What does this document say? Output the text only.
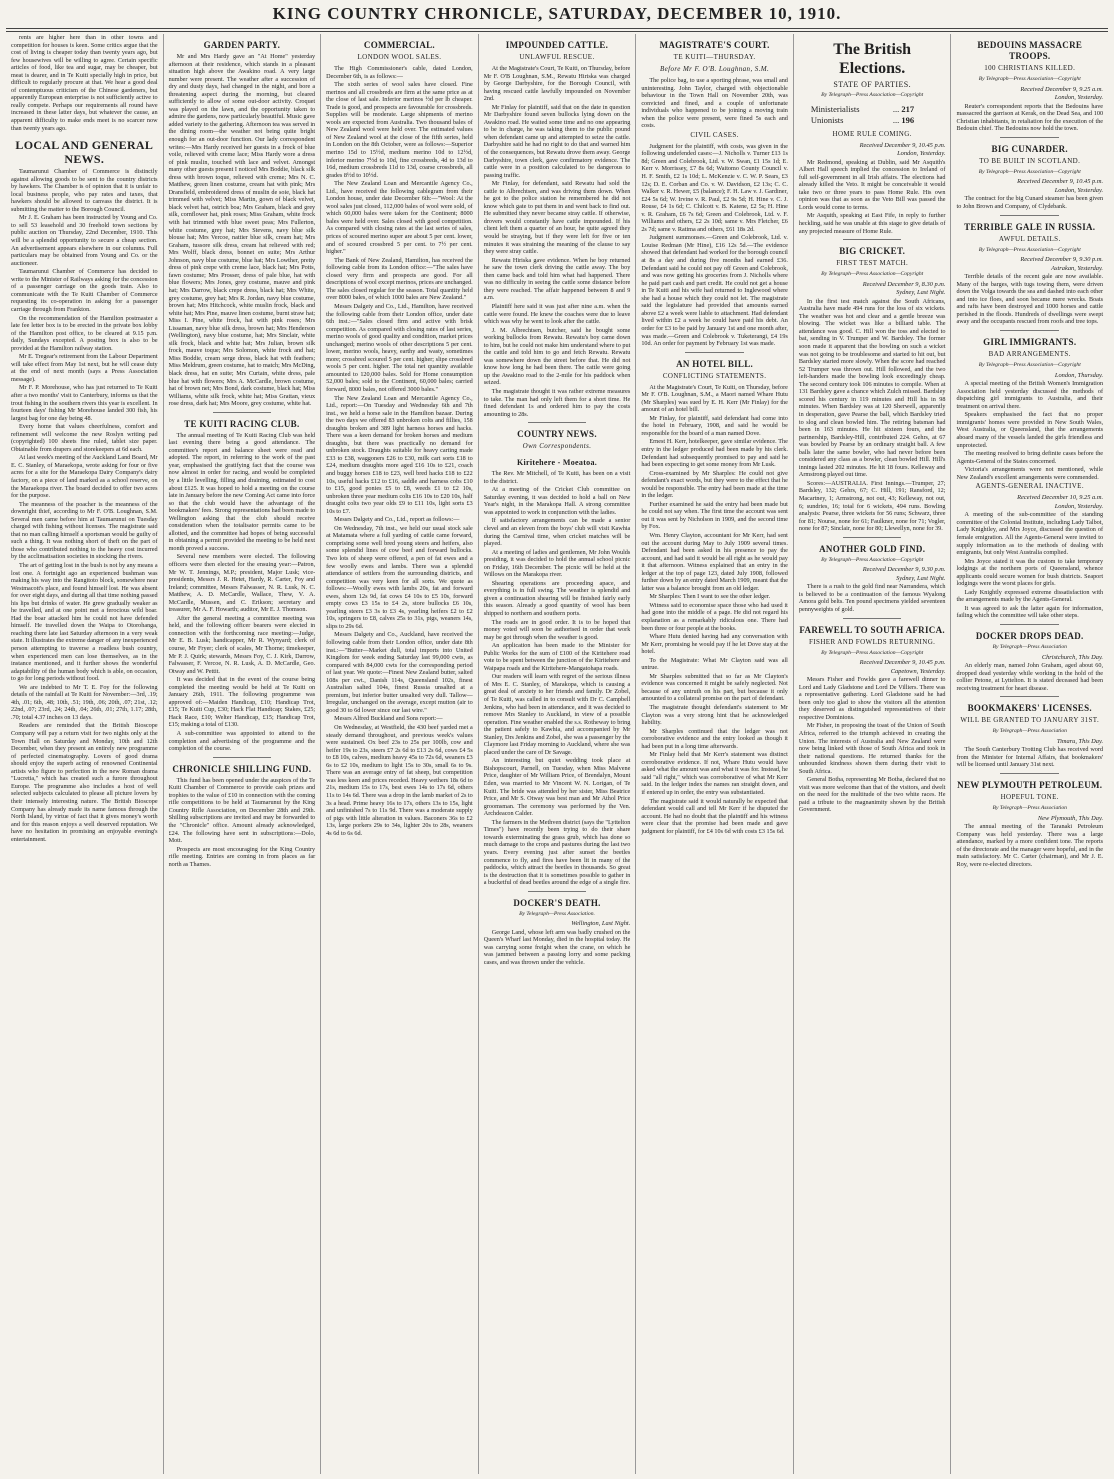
KING COUNTRY CHRONICLE, SATURDAY, DECEMBER 10, 1910.

rents are higher here than in other towns and competition for houses is keen. Some critics argue that the cost of living is cheaper today than twenty years ago, but few housewives will be willing to agree. Certain specific articles of food, like tea and sugar, may be cheaper, but meat is dearer, and in Te Kuiti specially high in price, but difficult to regularly procure at that. We hear a good deal of contemptuous criticism of the Chinese gardeners, but apparently European enterprise is not sufficiently active to really compete. Perhaps our requirements all round have increased in these latter days, but whatever the cause, an apparent difficulty to make ends meet is no scarcer now than twenty years ago.

LOCAL AND GENERAL NEWS.

Taumarunui Chamber of Commerce is distinctly against allowing goods to be sent to the country districts by hawkers. The Chamber is of opinion that it is unfair to local business people, who pay rates and taxes, that hawkers should be allowed to canvass the district. It is submitting the matter to the Borough Council.

Mr J. E. Graham has been instructed by Young and Co. to sell 53 leasehold and 30 freehold town sections by public auction on Thursday, 22nd December, 1910. This will be a splendid opportunity to secure a cheap section. An advertisement appears elsewhere in our columns. Full particulars may be obtained from Young and Co. or the auctioneer.

Taumarunui Chamber of Commerce has decided to write to the Minister of Railways asking for the concession of a passenger carriage on the goods train. Also to communicate with the Te Kuiti Chamber of Commerce requesting its co-operation in asking for a passenger carriage through from Frankton.

On the recommendation of the Hamilton postmaster a late fee letter box is to be erected in the private box lobby of the Hamilton post office, to be cleared at 9.15 p.m. daily, Sundays excepted. A posting box is also to be provided at the Hamilton railway station.

Mr E. Tregear's retirement from the Labour Department will take effect from May 1st next, but he will cease duty at the end of next month (says a Press Association message).

Mr F. P. Morehouse, who has just returned to Te Kuiti after a two months' visit to Canterbury, informs us that the trout fishing in the southern rivers this year is excellent. In fourteen days' fishing Mr Morehouse landed 300 fish, his largest bag for one day being 48.

Every home that values cheerfulness, comfort and refinement will welcome the new Roslyn writing pad (copyrighted) 100 sheets fine ruled, tablet size paper. Obtainable from drapers and storekeepers at 6d each.

At last week's meeting of the Auckland Land Board, Mr E. C. Stanley, of Maraekopa, wrote asking for four or five acres for a site for the Maraekopa Dairy Company's dairy factory, on a piece of land marked as a school reserve, on the Maraekopa river. The board decided to offer two acres for the purpose.

The meanness of the poacher is the meanness of the downright thief, according to Mr F. O'B. Loughnan, S.M. Several men came before him at Taumarunui on Tuesday charged with fishing without licenses. The magistrate said that no man calling himself a sportsman would be guilty of such a thing. It was nothing short of theft on the part of those who contributed nothing to the heavy cost incurred by the acclimatisation societies in stocking the rivers.

The art of getting lost in the bush is not by any means a lost one. A fortnight ago an experienced bushman was making his way into the Rangitoto block, somewhere near Westmacott's place, and found himself lost. He was absent for over eight days, and during all that time nothing passed his lips but drinks of water. He grew gradually weaker as he travelled, and at one point met a ferocious wild boar. Had the boar attacked him he could not have defended himself. He travelled down the Waipa to Otorohanga, reaching there late last Saturday afternoon in a very weak state. It illustrates the extreme danger of any inexperienced person attempting to traverse a roadless bush country, when experienced men can lose themselves, as in the instance mentioned, and it further shows the wonderful adaptability of the human body which is able, on occasion, to go for long periods without food.

We are indebted to Mr T. E. Foy for the following details of the rainfall at Te Kuiti for November:—3rd, .19; 4th, .01; 6th, .48; 10th, .51; 19th, .06; 20th, .07; 21st, .12; 22nd, .07; 23rd, .24; 24th, .04; 26th, .01; 27th, 1.17; 28th, .70; total 4.37 inches on 13 days.

Readers are reminded that the British Bioscope Company will pay a return visit for two nights only at the Town Hall on Saturday and Monday, 10th and 12th December, when they present an entirely new programme of perfected cinematography. Lovers of good drama should enjoy the superb acting of renowned Continental artists who figure to perfection in the new Roman drama "Lucretia," which has created such a furore throughout Europe. The programme also includes a host of well selected subjects calculated to please all picture lovers by their intensely interesting nature. The British Bioscope Company has already made its name famous through the North Island, by virtue of fact that it gives money's worth and for this reason enjoys a well deserved reputation. We have no hesitation in promising an enjoyable evening's entertainment.

GARDEN PARTY.

Mr and Mrs Hardy gave an "At Home" yesterday afternoon at their residence, which stands in a pleasant situation high above the Awakino road. A very large number were present. The weather after a succession of dry and dusty days, had changed in the night, and bore a threatening aspect during the morning, but cleared sufficiently to allow of some out-door activity. Croquet was played on the lawn, and the opportunity taken to admire the gardens, now particularly beautiful. Music gave added variety to the gathering. Afternoon tea was served in the dining room—the weather not being quite bright enough for an out-door function. Our lady correspondent writes:—Mrs Hardy received her guests in a frock of blue voile, relieved with creme lace; Miss Hardy wore a dress of pink muslin, touched with lace and velvet. Amongst many other guests present I noticed Mrs Boddie, black silk dress with brown toque, relieved with creme; Mrs N. C. Matthew, green linen costume, cream hat with pink; Mrs Dransfield, embroidered dress of muslin de soie, black hat trimmed with velvet; Miss Martin, gown of black velvet, black velvet hat, ostrich boa; Mrs Graham, black and grey silk, cornflower hat, pink roses; Miss Graham, white frock with hat trimmed with blue sweet peas; Mrs Fullerton, white costume, grey hat; Mrs Stevens, navy blue silk blouse hat; Mrs Vercoe, nattier blue silk, cream hat; Mrs Graham, tussore silk dress, cream hat relieved with red; Mrs Wolff, black dress, bonnet en suite; Mrs Arthur Johnson, navy blue costume, blue hat; Mrs Lowther, pretty dress of pink crepe with creme lace, black hat; Mrs Potts, fawn costume; Mrs Prosser, dress of pale blue, hat with blue flowers; Mrs Jones, grey costume, mauve and pink hat; Mrs Darrow, black crepe dress, black hat; Mrs White, grey costume, grey hat; Mrs R. Jordan, navy blue costume, brown hat; Mrs Hitchcock, white muslin frock, black and white hat; Mrs Pine, mauve linen costume, burnt straw hat; Miss I. Pine, white frock, hat with pink roses; Mrs Lissaman, navy blue silk dress, brown hat; Mrs Henderson (Wellington), navy blue costume, hat; Mrs Sinclair, white silk frock, black and white hat; Mrs Julian, brown silk frock, mauve toque; Mrs Solomon, white frock and hat; Miss Boddie, cream serge dress, black hat with feathers; Miss Meldrum, green costume, hat to match; Mrs McDing, black dress, hat en suite; Mrs Curtain, white dress, pale blue hat with flowers; Mrs A. McCardle, brown costume, hat of brown net; Mrs Bond, dark costume, black hat; Miss Williams, white silk frock, white hat; Miss Grattan, vieux rose dress, dark hat; Mrs Moore, grey costume, white hat.

TE KUITI RACING CLUB.

The annual meeting of Te Kuiti Racing Club was held last evening there being a good attendance. The committee's report and balance sheet were read and adopted. The report, in referring to the work of the past year, emphasised the gratifying fact that the course was now almost in order for racing, and would be completed by a little levelling, filling and draining, estimated to cost about £125. It was hoped to hold a meeting on the course late in January before the new Coming Act came into force so that the club would have the advantage of the bookmakers' fees. Strong representations had been made to Wellington asking that the club should receive consideration when the totalisator permits came to be allotted, and the committee had hopes of being successful in obtaining a permit provided the meeting to be held next month proved a success.

Several new members were elected. The following officers were then elected for the ensuing year:—Patron, Mr W. T. Jennings, M.P.; president, Major Lusk; vice-presidents, Messrs J. R. Hetet, Hardy, R. Carter, Foy and Ireland; committee, Messrs Falwasser, N. R. Lusk, N. C. Matthew, A. D. McCardle, Wallace, Thew, V. A. McCardle, Mussen, and C. Erikson; secretary and treasurer, Mr A. F. Howarth; auditor, Mr E. J. Thomson.

After the general meeting a committee meeting was held, and the following officer bearers were elected in connection with the forthcoming race meeting:—Judge, Mr E. B. Lusk; handicapper, Mr R. Wynyard; clerk of course, Mr Fryer; clerk of scales, Mr Thorne; timekeeper, Mr P. J. Quirk; stewards, Messrs Foy, C. J. Kirk, Darrow, Falwasser, F. Vercoe, N. R. Lusk, A. D. McCardle, Geo. Otway and W. Pettit.

It was decided that in the event of the course being completed the meeting would be held at Te Kuiti on January 26th, 1911. The following programme was approved of:—Maiden Handicap, £10; Handicap Trot, £15; Te Kuiti Cup, £30; Hack Flat Handicap; Stakes, £25; Hack Race, £10; Welter Handicap, £15; Handicap Trot, £15; making a total of £130.

A sub-committee was appointed to attend to the completion and advertising of the programme and the completion of the course.

CHRONICLE SHILLING FUND.

This fund has been opened under the auspices of the Te Kuiti Chamber of Commerce to provide cash prizes and trophies to the value of £10 in connection with the coming rifle competitions to be held at Taumarunui by the King Country Rifle Association, on December 28th and 29th. Shilling subscriptions are invited and may be forwarded to the "Chronicle" office. Amount already acknowledged, £24. The following have sent in subscriptions:—Dolo, Mott.

Prospects are most encouraging for the King Country rifle meeting. Entries are coming in from places as far north as Thames.

COMMERCIAL.
LONDON WOOL SALES.

The High Commissioner's cable, dated London, December 6th, is as follows:—

The sixth series of wool sales have closed. Fine merinos and all crossbreds are firm at the same price as at the close of last sale. Inferior merinos ½d per lb cheaper. Trade is good, and prospects are favourable for crossbreds. Supplies will be moderate. Large shipments of merino wools are expected from Australia. Two thousand bales of New Zealand wool were held over. The estimated values of New Zealand wool at the close of the fifth series, held in London on the 8th October, were as follows:—Superior merino 15d to 15½d, medium merino 10d to 12½d, inferior merino 7½d to 10d, fine crossbreds, 4d to 13d to 16d, medium crossbreds 11d to 13d, coarse crossbreds, all grades 8½d to 10½d.

The New Zealand Loan and Mercantile Agency Co., Ltd., have received the following cablegram from their London house, under date December 6th:—"Wool: At the wool sales just closed, 112,000 bales of wool were sold, of which 60,000 bales were taken for the Continent; 8000 bales were held over. Sales closed with good competition. As compared with closing rates at the last series of sales, prices of scoured merino super are about 5 per cent. lower, and of scoured crossbred 5 per cent. to 7½ per cent. higher."

The Bank of New Zealand, Hamilton, has received the following cable from its London office:—"The sales have closed very firm and prospects are good. For all descriptions of wool except merinos, prices are unchanged. The sales closed regular for the season. Total quantity held over 8000 bales, of which 1000 bales are New Zealand."

Messrs Dalgety and Co., Ltd., Hamilton, have received the following cable from their London office, under date 6th inst.:—"Sales closed firm and active with brisk competition. As compared with closing rates of last series, merino wools of good quality and condition, market prices unchanged; merino wools of other descriptions 5 per cent. lower, merino wools, heavy, earthy and wasty, sometimes more; crossbred scoured 5 per cent. higher; slipe crossbred wools 5 per cent. higher. The total net quantity available amounted to 120,000 bales. Sold for Home consumption 52,000 bales; sold to the Continent, 60,000 bales; carried forward, 8000 bales, not offered 3000 bales."

The New Zealand Loan and Mercantile Agency Co., Ltd., report:—On Tuesday and Wednesday 6th and 7th inst., we held a horse sale in the Hamilton bazaar. During the two days we offered 83 unbroken colts and fillies, 158 draughts broken and 389 light harness horses and hacks. There was a keen demand for broken horses and medium draughts, but there was practically no demand for unbroken stock. Draughts suitable for heavy carting made £33 to £38, waggoners £26 to £30, milk cart sorts £18 to £24, medium draughts more aged £16 10s to £21, coach and buggy horses £18 to £23, well bred hacks £18 to £22 10s, useful hacks £12 to £16, saddle and harness cobs £10 to £15, good ponies £5 to £8, weeds £1 to £2 10s, unbroken three year medium colts £16 10s to £20 10s, half draught colts two year olds £9 to £11 10s, light sorts £3 10s to £7.

Messrs Dalgety and Co., Ltd., report as follows:—

On Wednesday, 7th inst., we held our usual stock sale at Matamata where a full yarding of cattle came forward, comprising some well bred young steers and heifers, also some splendid lines of cow beef and forward bullocks. Two lots of sheep were offered, a pen of fat ewes and a few woolly ewes and lambs. There was a splendid attendance of settlers from the surrounding districts, and competition was very keen for all sorts. We quote as follows:—Woolly ewes with lambs 20s, fat and forward ewes, shorn 12s 9d, fat cows £4 10s to £5 10s, forward empty cows £3 15s to £4 2s, store bullocks £6 10s, yearling steers £3 3s to £3 4s, yearling heifers £2 to £2 10s, springers to £8, calves 25s to 31s, pigs, weaners 14s, slips to 29s 6d.

Messrs Dalgety and Co., Auckland, have received the following cable from their London office, under date 8th inst.:—"Butter—Market dull, total imports into United Kingdom for week ending Saturday last 99,000 cwts, as compared with 84,000 cwts for the corresponding period of last year. We quote:—Finest New Zealand butter, salted 108s per cwt., Danish 114s, Queensland 102s, finest Australian salted 104s, finest Russia unsalted at a premium, but inferior butter unsalted very dull. Tallow—Irregular, unchanged on the average, except mutton (air to good 30 to 6d lower since our last wire."

Messrs Alfred Buckland and Sons report:—

On Wednesday, at Westfield, the 430 beef yarded met a steady demand throughout, and previous week's values were sustained. Ox beef 23s to 25s per 100lb, cow and heifer 19s to 23s, steers £7 2s 6d to £13 2s 6d, cows £4 5s to £8 10s, calves, medium heavy 45s to 72s 6d, weaners £3 6s to £2 10s, medium to light 15s to 30s, small 6s to 9s. There was an average entry of fat sheep, but competition was less keen and prices receded. Heavy wethers 18s 6d to 21s, medium 15s to 17s, best ewes 14s to 17s 6d, others 11s to 14s 6d. There was a drop in the lamb market of 2s to 3s a head. Prime heavy 16s to 17s, others 13s to 15s, light and unfinished 7s to 11s 9d. There was a moderate supply of pigs with little alteration in values. Baconers 36s to £2 13s, large porkers 29s to 34s, lighter 20s to 28s, weaners 4s 6d to 6s 6d.

IMPOUNDED CATTLE.
UNLAWFUL RESCUE.

At the Magistrate's Court, Te Kuiti, on Thursday, before Mr F. O'B Loughnan, S.M., Rewatu Hiriska was charged by George Darbyshire, for the Borough Council, with having rescued cattle lawfully impounded on November 2nd.

Mr Finlay for plaintiff, said that on the date in question Mr Darbyshire found seven bullocks lying down on the Awakino road. He waited some time and no one appearing to be in charge, he was taking them to the public pound when defendant came up and attempted to seize the cattle. Darbyshire said he had no right to do that and warned him of the consequences, but Rewatu drove them away. George Darbyshire, town clerk, gave confirmatory evidence. The cattle were in a position calculated to be dangerous to passing traffic.

Mr Finlay, for defendant, said Rewatu had sold the cattle to Albrechtsen, and was driving them down. When he got to the police station he remembered he did not know which gate to put them in and went back to find out. He submitted they never became stray cattle. If otherwise, drovers would constantly have cattle impounded. If his client left them a quarter of an hour, he quite agreed they would be straying, but if they were left for five or ten minutes it was straining the meaning of the clause to say they were stray cattle.

Rewatu Hiriska gave evidence. When he boy returned he saw the town clerk driving the cattle away. The boy then came back and told him what had happened. There was no difficulty in seeing the cattle some distance before they were reached. The affair happened between 8 and 9 a.m.

Plaintiff here said it was just after nine a.m. when the cattle were found. He knew the coaches were due to leave which was why he went to look after the cattle.

J. M. Albrechtsen, butcher, said he bought some working bullocks from Rewatu. Rewatu's boy came down to him, but he could not make him understand where to put the cattle and told him to go and fetch Rewatu. Rewatu was somewhere down the street before that. He did not know how long he had been there. The cattle were going up the Awakino road to the 2-mile for his paddock when seized.

The magistrate thought it was rather extreme measures to take. The man had only left them for a short time. He fined defendant 1s and ordered him to pay the costs amounting to 28s.

COUNTRY NEWS.
Own Correspondents.
Kiritehere - Moeatoa.

The Rev. Mr Mitchell, of Te Kuiti, has been on a visit to the district.

At a meeting of the Cricket Club committee on Saturday evening, it was decided to hold a ball on New Year's night, in the Marakopa Hall. A strong committee was appointed to work in conjunction with the ladies.

If satisfactory arrangements can be made a senior clevel and an eleven from the boys' club will visit Kawhia during the Carnival time, when cricket matches will be played.

At a meeting of ladies and gentlemen, Mr John Woulds presiding, it was decided to hold the annual school picnic on Friday, 16th December. The picnic will be held at the Willows on the Marakopa river.

Shearing operations are proceeding apace, and everything is in full swing. The weather is splendid and given a continuation shearing will be finished fairly early this season. Already a good quantity of wool has been shipped to northern and southern ports.

The roads are in good order. It is to be hoped that money voted will soon be authorised in order that work may be got through when the weather is good.

An application has been made to the Minister for Public Works for the sum of £100 of the Kiritehere road vote to be spent between the junction of the Kiritehere and Waipapa roads and the Kiritehere-Mangatohapa roads.

Our readers will learn with regret of the serious illness of Mrs E. C. Stanley, of Marakopa, which is causing a great deal of anxiety to her friends and family. Dr Zobel, of Te Kuiti, was called in to consult with Dr C. Campbell Jenkins, who had been in attendance, and it was decided to remove Mrs Stanley to Auckland, in view of a possible operation. Fine weather enabled the s.s. Rotheway to bring the patient safely to Kawhia, and accompanied by Mr Stanley, Drs Jenkins and Zobel, she was a passenger by the Claymore last Friday morning to Auckland, where she was placed under the care of Dr Savage.

An interesting but quiet wedding took place at Bishopscourt, Parnell, on Tuesday, when Miss Malvene Price, daughter of Mr William Price, of Brendalyn, Mount Eden, was married to Mr Vincent W. N. Lorigan, of Te Kuiti. The bride was attended by her sister, Miss Beatrice Price, and Mr S. Otway was best man and Mr Athol Price groomsman. The ceremony was performed by the Ven. Archdeacon Calder.

The farmers in the Methven district (says the "Lyttelton Times") have recently been trying to do their share towards exterminating the grass grub, which has done so much damage to the crops and pastures during the last two years. Every evening just after sunset the beetles commence to fly, and fires have been lit in many of the paddocks, which attract the beetles in thousands. So great is the destruction that it is sometimes possible to gather in a bucketful of dead beetles around the edge of a single fire.

DOCKER'S DEATH.
By Telegraph—Press Association.
Wellington, Last Night.

George Land, whose left arm was badly crushed on the Queen's Wharf last Monday, died in the hospital today. He was carrying some freight when the crane, on which he was jammed between a passing lorry and some packing cases, and was thrown under the vehicle.

MAGISTRATE'S COURT.
TE KUITI—THURSDAY.
Before Mr F. O'B. Loughnan, S.M.

The police bag, to use a sporting phrase, was small and uninteresting. John Taylor, charged with objectionable behaviour in the Town Hall on November 20th, was convicted and fined, and a couple of unfortunate individuals who happened to be joining a moving train when the police were present, were fined 5s each and costs.

CIVIL CASES.

Judgment for the plaintiff, with costs, was given in the following undefended cases:—J. Nicholls v. Turner £13 1s 8d; Green and Colebrook, Ltd. v. W. Swan, £1 15s 1d; E. Kerr v. Morrissey, £7 8s 6d; Waitomo County Council v. H. F. Smith, £2 1s 10d; L. McKenzie v. C. W. P. Sears, £3 12s; D. E. Corban and Co. v. W. Davidson, £2 13s; C. C. Walker v. R. Hewer, £5 (balance); F. H. Law v. J. Gardiner, £24 5s 6d; W. Irvine v. R. Paul, £2 9s 5d; H. Hine v. C. J. Rouse, £4 1s 6d; C. Chilcott v. B. Katene, £2 5s; H. Hine v. R. Graham, £6 7s 6d; Green and Colebrook, Ltd. v. F. Williams and others, £2 2s 10d; same v. Mrs Fletcher, £6 2s 7d; same v. Ratima and others, £61 18s 2d.

Judgment summonses.—Green and Colebrook, Ltd. v. Louise Redman (Mr Hine), £16 12s 5d.—The evidence showed that defendant had worked for the borough council at 8s a day and during five months had earned £36. Defendant said he could not pay off Green and Colebrook, and was now getting his groceries from J. Nicholls where he paid part cash and part credit. He could not get a house in Te Kuiti and his wife had returned to Inglewood where she had a house which they could not let. The magistrate said the legislature had provided that amounts earned above £2 a week were liable to attachment. Had defendant lived within £2 a week he could have paid his debt. An order for £3 to be paid by January 1st and one month after, was made.—Green and Colebrook v. Tuketerangi, £4 19s 10d. An order for payment by February 1st was made.

AN HOTEL BILL.
CONFLICTING STATEMENTS.

At the Magistrate's Court, Te Kuiti, on Thursday, before Mr F. O'B. Loughnan, S.M., a Maori named Whare Hutu (Mr Sharples) was sued by E. H. Kerr (Mr Finlay) for the amount of an hotel bill.

Mr Finlay, for plaintiff, said defendant had come into the hotel in February, 1908, and said he would be responsible for the board of a man named Dove.

Ernest H. Kerr, hotelkeeper, gave similar evidence. The entry in the ledger produced had been made by his clerk. Defendant had subsequently promised to pay and said he had been expecting to get some money from Mr Lusk.

Cross-examined by Mr Sharples: He could not give defendant's exact words, but they were to the effect that he would be responsible. The entry had been made at the time in the ledger.

Further examined he said the entry had been made but he could not say when. The first time the account was sent out it was sent by Nicholson in 1909, and the second time by Fox.

Wm. Henry Clayton, accountant for Mr Kerr, had sent out the account during May to July 1909 several times. Defendant had been asked in his presence to pay the account, and had said it would be all right as he would pay it that afternoon. Witness explained that an entry in the ledger at the top of page 123, dated July 1908, followed further down by an entry dated March 1909, meant that the latter was a balance brought from an old ledger.

Mr Sharples: Then I want to see the other ledger.

Witness said to economise space those who had used it had gone into the middle of a page. He did not regard his explanation as a remarkably ridiculous one. There had been three or four people at the books.

Whare Hutu denied having had any conversation with Mr Kerr, promising he would pay if he let Dove stay at the hotel.

To the Magistrate: What Mr Clayton said was all untrue.

Mr Sharples submitted that so far as Mr Clayton's evidence was concerned it might be safely neglected. Not because of any untruth on his part, but because it only amounted to a collateral promise on the part of defendant.

The magistrate thought defendant's statement to Mr Clayton was a very strong hint that he acknowledged liability.

Mr Sharples continued that the ledger was not corroborative evidence and the entry looked as though it had been put in a long time afterwards.

Mr Finlay held that Mr Kerr's statement was distinct corroborative evidence. If not, Whare Hutu would have asked what the amount was and what it was for. Instead, he said "all right," which was corroborative of what Mr Kerr said. In the ledger index the names ran straight down, and if entered up in order, the entry was substantiated.

The magistrate said it would naturally be expected that defendant would call and tell Mr Kerr if he disputed the account. He had no doubt that the plaintiff and his witness were clear that the promise had been made and gave judgment for plaintiff, for £4 10s 6d with costs £3 15s 6d.

The British Elections.
STATE OF PARTIES.
By Telegraph—Press Association—Copyright
Ministerialists	... 217
Unionists	... 196
HOME RULE COMING.
Received December 9, 10.45 p.m.
London, Yesterday.

Mr Redmond, speaking at Dublin, said Mr Asquith's Albert Hall speech implied the concession to Ireland of full self-government in all Irish affairs. The elections had already killed the Veto. It might be conceivable it would take two or three years to pass Home Rule. His own opinion was that as soon as the Veto Bill was passed the Lords would come to terms.

Mr Asquith, speaking at East Fife, in reply to further heckling, said he was unable at this stage to give details of any projected measure of Home Rule.

BIG CRICKET.
FIRST TEST MATCH.
By Telegraph—Press Association—Copyright
Received December 9, 8.30 p.m.
Sydney, Last Night.

In the first test match against the South Africans, Australia have made 494 runs for the loss of six wickets. The weather was hot and clear and a gentle breeze was blowing. The wicket was like a billiard table. The attendance was good. C. Hill won the toss and elected to bat, sending in V. Trumper and W. Bardsley. The former soon made it apparent that the bowling on such a wicket was not going to be troublesome and started to hit out, but Bardsley started more slowly. When the score had reached 52 Trumper was thrown out. Hill followed, and the two left-handers made the bowling look exceedingly cheap. The second century took 106 minutes to compile. When at 131 Bardsley gave a chance which Zulch missed. Bardsley scored his century in 119 minutes and Hill his in 98 minutes. When Bardsley was at 120 Sherwell, apparently in desperation, gave Pearse the ball, which Bardsley tried to slog and clean bowled him. The retiring batsman had been in 163 minutes. He hit sixteen fours, and the partnership, Bardsley-Hill, contributed 224. Gehrs, at 67 was bowled by Pearse by an ordinary straight ball. A few balls later the same bowler, who had never before been considered any class as a bowler, clean bowled Hill. Hill's innings lasted 202 minutes. He hit 18 fours. Kelleway and Armstrong played out time.

Scores:—AUSTRALIA. First Innings.—Trumper, 27; Bardsley, 132; Gehrs, 67; C. Hill, 191; Ransford, 12; Macartney, 1; Armstrong, not out, 43; Kelleway, not out, 6; sundries, 16; total for 6 wickets, 494 runs. Bowling analysis: Pearse, three wickets for 56 runs; Schwarz, three for 81; Nourse, none for 61; Faulkner, none for 71; Vogler, none for 87; Sinclair, none for 80; Llewellyn, none for 39.

ANOTHER GOLD FIND.
By Telegraph—Press Association—Copyright
Received December 9, 9.30 p.m.
Sydney, Last Night.

There is a rush to the gold find near Narrandera, which is believed to be a continuation of the famous Wyalong Amora gold belts. Ten pound specimens yielded seventeen pennyweights of gold.

FAREWELL TO SOUTH AFRICA.
FISHER AND FOWLDS RETURNING.
By Telegraph—Press Association—Copyright
Received December 9, 10.45 p.m.
Capetown, Yesterday.

Messrs Fisher and Fowlds gave a farewell dinner to Lord and Lady Gladstone and Lord De Villiers. There was a representative gathering. Lord Gladstone said he had been only too glad to show the visitors all the attention they deserved as distinguished representatives of their respective Dominions.

Mr Fisher, in proposing the toast of the Union of South Africa, referred to the triumph achieved in creating the Union. The interests of Australia and New Zealand were now being linked with those of South Africa and took in their national questions. He returned thanks for the unbounded kindness shown them during their visit to South Africa.

General Botha, representing Mr Botha, declared that no visit was more welcome than that of the visitors, and dwelt on the need for the multitude of the two white races. He paid a tribute to the magnanimity shown by the British Government.

BEDOUINS MASSACRE TROOPS.
100 CHRISTIANS KILLED.
By Telegraph—Press Association—Copyright
Received December 9, 9.25 a.m.
London, Yesterday.

Reuter's correspondent reports that the Bedouins have massacred the garrison at Kerak, on the Dead Sea, and 100 Christian inhabitants, in retaliation for the execution of the Bedouin chief. The Bedouins now hold the town.

BIG CUNARDER.
TO BE BUILT IN SCOTLAND.
By Telegraph—Press Association—Copyright
Received December 9, 10.45 p.m.
London, Yesterday.

The contract for the big Cunard steamer has been given to John Brown and Company, of Clydebank.

TERRIBLE GALE IN RUSSIA.
AWFUL DETAILS.
By Telegraph—Press Association—Copyright
Received December 9, 9.30 p.m.
Astrakan, Yesterday.

Terrible details of the recent gale are now available. Many of the barges, with tugs towing them, were driven down the Volga towards the sea and dashed into each other and into ice floes, and soon became mere wrecks. Boats and rafts have been destroyed and 1000 horses and cattle perished in the floods. Hundreds of dwellings were swept away and the occupants rescued from roofs and tree tops.

GIRL IMMIGRANTS.
BAD ARRANGEMENTS.
By Telegraph—Press Association—Copyright
London, Thursday.

A special meeting of the British Women's Immigration Association held yesterday discussed the methods of dispatching girl immigrants to Australia, and their treatment on arrival there.

Speakers emphasised the fact that no proper immigrants' homes were provided in New South Wales, West Australia, or Queensland, that the arrangements aboard many of the vessels landed the girls friendless and unprotected.

The meeting resolved to bring definite cases before the Agents-General of the States concerned.

Victoria's arrangements were not mentioned, while New Zealand's excellent arrangements were commended.

AGENTS-GENERAL INACTIVE.
Received December 10, 9.25 a.m.
London, Yesterday.

A meeting of the sub-committee of the standing committee of the Colonial Institute, including Lady Talbot, Lady Knightley, and Mrs Joyce, discussed the question of female emigration. All the Agents-General were invited to supply information as to the methods of dealing with emigrants, but only West Australia complied.

Mrs Joyce stated it was the custom to take temporary lodgings at the northern ports of Queensland, whence applicants could secure women for bush districts. Seaport lodgings were the worst places for girls.

Lady Knightly expressed extreme dissatisfaction with the arrangements made by the Agents-General.

It was agreed to ask the latter again for information, failing which the committee will take other steps.

DOCKER DROPS DEAD.
By Telegraph—Press Association
Christchurch, This Day.

An elderly man, named John Graham, aged about 60, dropped dead yesterday while working in the hold of the collier Petone, at Lyttelton. It is stated deceased had been receiving treatment for heart disease.

BOOKMAKERS' LICENSES.
WILL BE GRANTED TO JANUARY 31ST.
By Telegraph—Press Association
Timaru, This Day.

The South Canterbury Trotting Club has received word from the Minister for Internal Affairs, that bookmakers' will be licensed until January 31st next.

NEW PLYMOUTH PETROLEUM.
HOPEFUL TONE.
By Telegraph—Press Association
New Plymouth, This Day.

The annual meeting of the Taranaki Petroleum Company was held yesterday. There was a large attendance, marked by a more confident tone. The reports of the directorate and the manager were hopeful, and in the main satisfactory. Mr C. Carter (chairman), and Mr J. E. Roy, were re-elected directors.
